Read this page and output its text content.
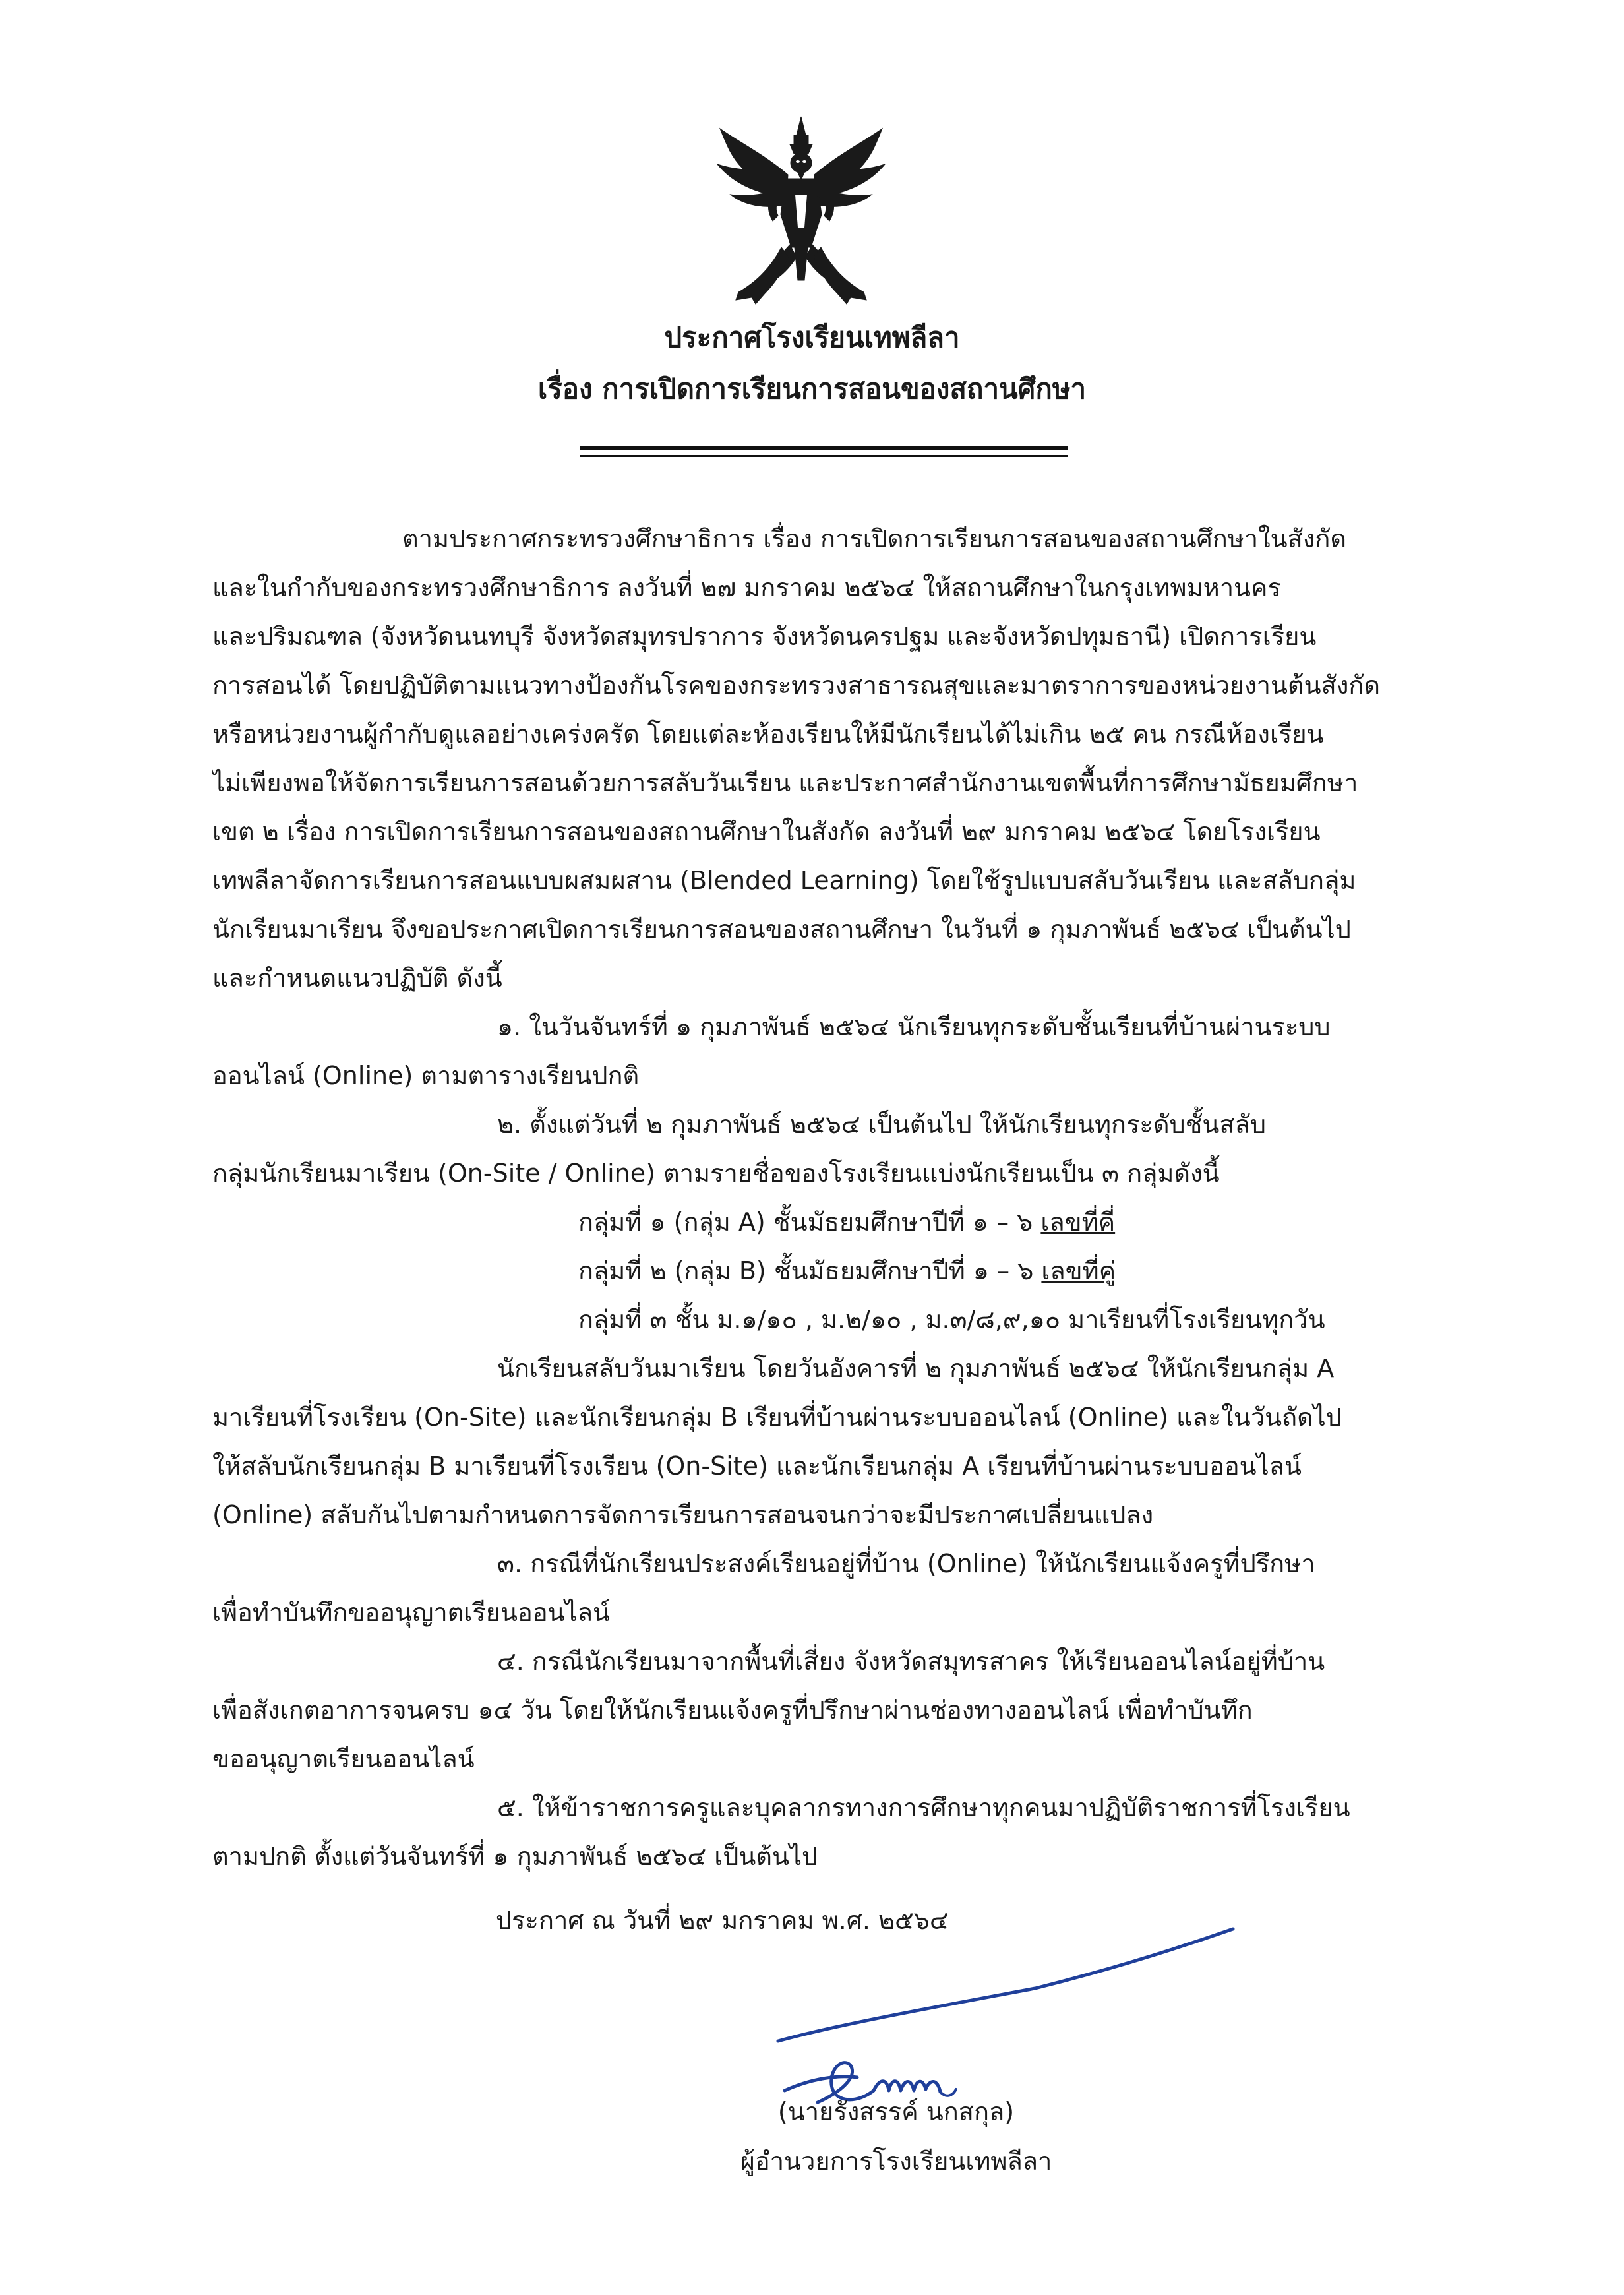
ประกาศโรงเรียนเทพลีลา
เรื่อง การเปิดการเรียนการสอนของสถานศึกษา
ตามประกาศกระทรวงศึกษาธิการ เรื่อง การเปิดการเรียนการสอนของสถานศึกษาในสังกัด
และในกำกับของกระทรวงศึกษาธิการ ลงวันที่ ๒๗ มกราคม ๒๕๖๔ ให้สถานศึกษาในกรุงเทพมหานคร
และปริมณฑล (จังหวัดนนทบุรี จังหวัดสมุทรปราการ จังหวัดนครปฐม และจังหวัดปทุมธานี) เปิดการเรียน
การสอนได้ โดยปฏิบัติตามแนวทางป้องกันโรคของกระทรวงสาธารณสุขและมาตราการของหน่วยงานต้นสังกัด
หรือหน่วยงานผู้กำกับดูแลอย่างเคร่งครัด โดยแต่ละห้องเรียนให้มีนักเรียนได้ไม่เกิน ๒๕ คน กรณีห้องเรียน
ไม่เพียงพอให้จัดการเรียนการสอนด้วยการสลับวันเรียน และประกาศสำนักงานเขตพื้นที่การศึกษามัธยมศึกษา
เขต ๒ เรื่อง การเปิดการเรียนการสอนของสถานศึกษาในสังกัด ลงวันที่ ๒๙ มกราคม ๒๕๖๔ โดยโรงเรียน
เทพลีลาจัดการเรียนการสอนแบบผสมผสาน (Blended Learning) โดยใช้รูปแบบสลับวันเรียน และสลับกลุ่ม
นักเรียนมาเรียน จึงขอประกาศเปิดการเรียนการสอนของสถานศึกษา ในวันที่ ๑ กุมภาพันธ์ ๒๕๖๔ เป็นต้นไป
และกำหนดแนวปฏิบัติ ดังนี้
๑. ในวันจันทร์ที่ ๑ กุมภาพันธ์ ๒๕๖๔ นักเรียนทุกระดับชั้นเรียนที่บ้านผ่านระบบ
ออนไลน์ (Online) ตามตารางเรียนปกติ
๒. ตั้งแต่วันที่ ๒ กุมภาพันธ์ ๒๕๖๔ เป็นต้นไป ให้นักเรียนทุกระดับชั้นสลับ
กลุ่มนักเรียนมาเรียน (On-Site / Online) ตามรายชื่อของโรงเรียนแบ่งนักเรียนเป็น ๓ กลุ่มดังนี้
กลุ่มที่ ๑ (กลุ่ม A) ชั้นมัธยมศึกษาปีที่ ๑ – ๖ เลขที่คี่
กลุ่มที่ ๒ (กลุ่ม B) ชั้นมัธยมศึกษาปีที่ ๑ – ๖ เลขที่คู่
กลุ่มที่ ๓ ชั้น ม.๑/๑๐ , ม.๒/๑๐ , ม.๓/๘,๙,๑๐ มาเรียนที่โรงเรียนทุกวัน
นักเรียนสลับวันมาเรียน โดยวันอังคารที่ ๒ กุมภาพันธ์ ๒๕๖๔ ให้นักเรียนกลุ่ม A
มาเรียนที่โรงเรียน (On-Site) และนักเรียนกลุ่ม B เรียนที่บ้านผ่านระบบออนไลน์ (Online) และในวันถัดไป
ให้สลับนักเรียนกลุ่ม B มาเรียนที่โรงเรียน (On-Site) และนักเรียนกลุ่ม A เรียนที่บ้านผ่านระบบออนไลน์
(Online) สลับกันไปตามกำหนดการจัดการเรียนการสอนจนกว่าจะมีประกาศเปลี่ยนแปลง
๓. กรณีที่นักเรียนประสงค์เรียนอยู่ที่บ้าน (Online) ให้นักเรียนแจ้งครูที่ปรึกษา
เพื่อทำบันทึกขออนุญาตเรียนออนไลน์
๔. กรณีนักเรียนมาจากพื้นที่เสี่ยง จังหวัดสมุทรสาคร ให้เรียนออนไลน์อยู่ที่บ้าน
เพื่อสังเกตอาการจนครบ ๑๔ วัน โดยให้นักเรียนแจ้งครูที่ปรึกษาผ่านช่องทางออนไลน์ เพื่อทำบันทึก
ขออนุญาตเรียนออนไลน์
๕. ให้ข้าราชการครูและบุคลากรทางการศึกษาทุกคนมาปฏิบัติราชการที่โรงเรียน
ตามปกติ ตั้งแต่วันจันทร์ที่ ๑ กุมภาพันธ์ ๒๕๖๔ เป็นต้นไป
ประกาศ ณ วันที่ ๒๙ มกราคม พ.ศ. ๒๕๖๔
(นายรังสรรค์ นกสกุล)
ผู้อำนวยการโรงเรียนเทพลีลา
